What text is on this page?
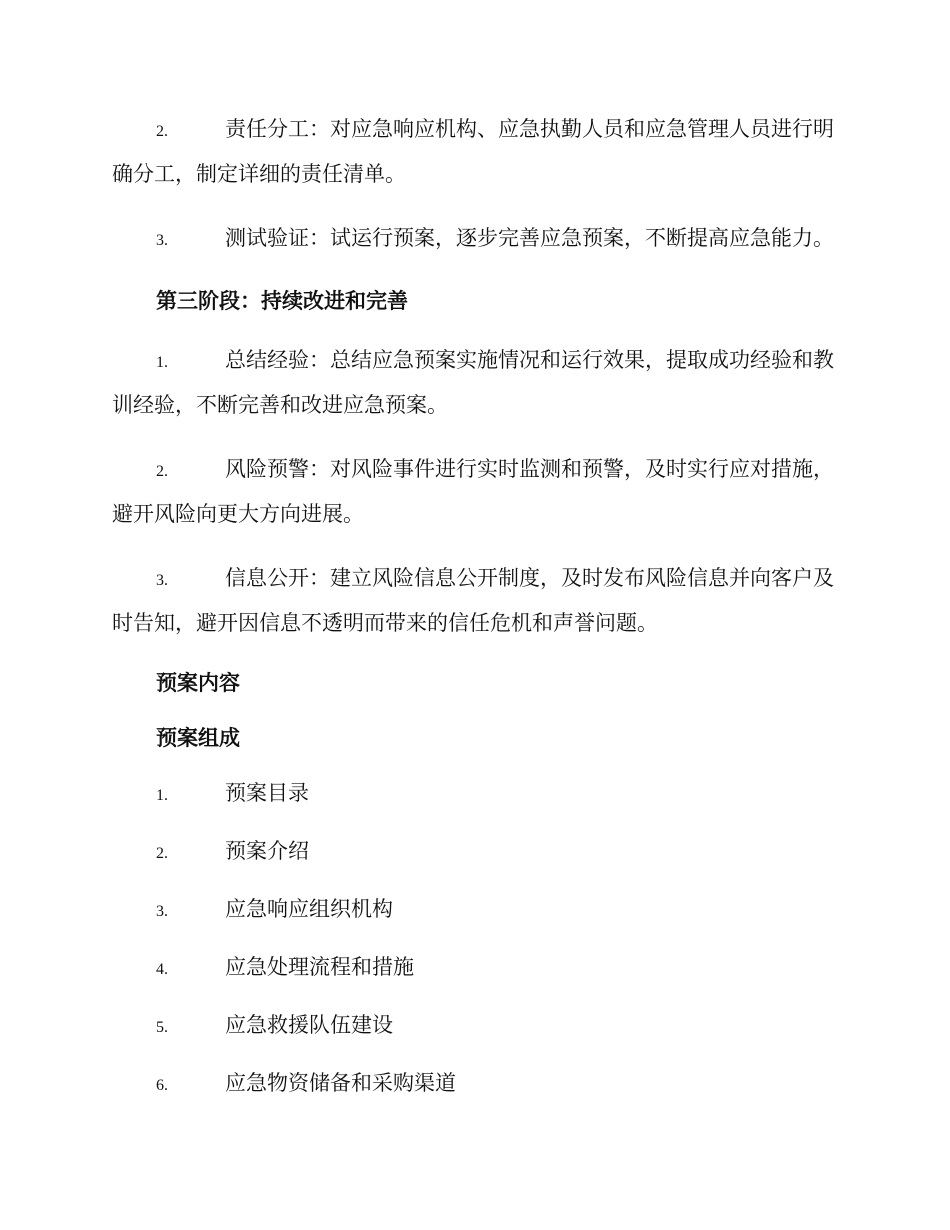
2.	责任分工：对应急响应机构、应急执勤人员和应急管理人员进行明确分工，制定详细的责任清单。

3.	测试验证：试运行预案，逐步完善应急预案，不断提高应急能力。

第三阶段：持续改进和完善

1.	总结经验：总结应急预案实施情况和运行效果，提取成功经验和教训经验，不断完善和改进应急预案。

2.	风险预警：对风险事件进行实时监测和预警，及时实行应对措施，避开风险向更大方向进展。

3.	信息公开：建立风险信息公开制度，及时发布风险信息并向客户及时告知，避开因信息不透明而带来的信任危机和声誉问题。

预案内容

预案组成

1.	预案目录

2.	预案介绍

3.	应急响应组织机构

4.	应急处理流程和措施

5.	应急救援队伍建设

6.	应急物资储备和采购渠道
